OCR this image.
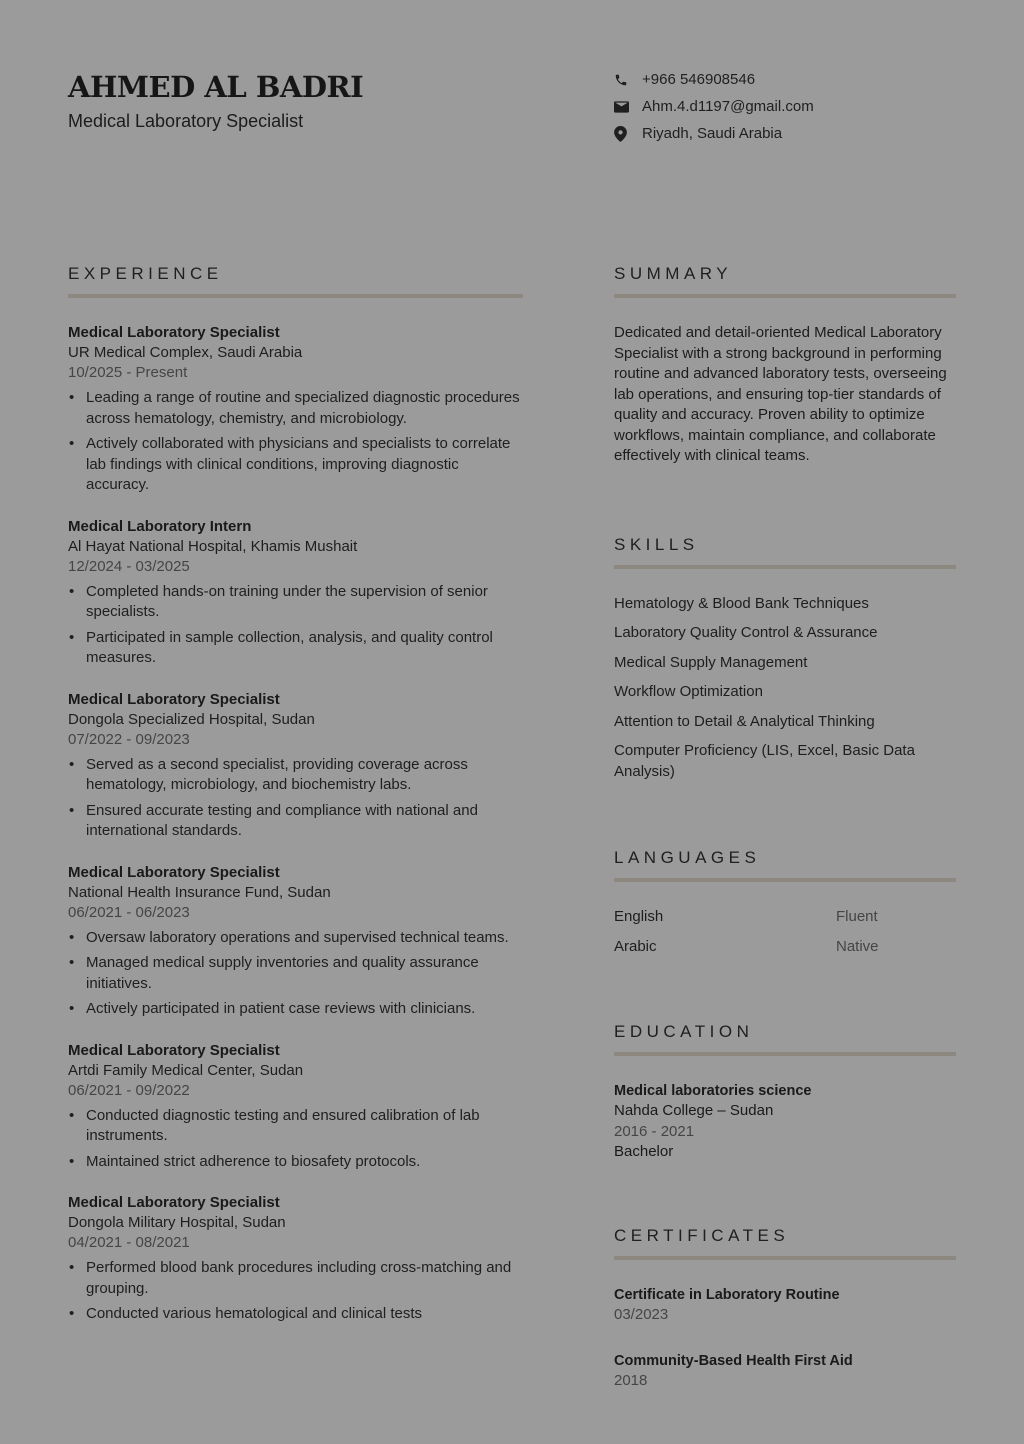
AHMED AL BADRI
Medical Laboratory Specialist
+966 546908546
Ahm.4.d1197@gmail.com
Riyadh, Saudi Arabia
EXPERIENCE
Medical Laboratory Specialist
UR Medical Complex, Saudi Arabia
10/2025 - Present
• Leading a range of routine and specialized diagnostic procedures across hematology, chemistry, and microbiology.
• Actively collaborated with physicians and specialists to correlate lab findings with clinical conditions, improving diagnostic accuracy.
Medical Laboratory Intern
Al Hayat National Hospital, Khamis Mushait
12/2024 - 03/2025
• Completed hands-on training under the supervision of senior specialists.
• Participated in sample collection, analysis, and quality control measures.
Medical Laboratory Specialist
Dongola Specialized Hospital, Sudan
07/2022 - 09/2023
• Served as a second specialist, providing coverage across hematology, microbiology, and biochemistry labs.
• Ensured accurate testing and compliance with national and international standards.
Medical Laboratory Specialist
National Health Insurance Fund, Sudan
06/2021 - 06/2023
• Oversaw laboratory operations and supervised technical teams.
• Managed medical supply inventories and quality assurance initiatives.
• Actively participated in patient case reviews with clinicians.
Medical Laboratory Specialist
Artdi Family Medical Center, Sudan
06/2021 - 09/2022
• Conducted diagnostic testing and ensured calibration of lab instruments.
• Maintained strict adherence to biosafety protocols.
Medical Laboratory Specialist
Dongola Military Hospital, Sudan
04/2021 - 08/2021
• Performed blood bank procedures including cross-matching and grouping.
• Conducted various hematological and clinical tests
SUMMARY

Dedicated and detail-oriented Medical Laboratory Specialist with a strong background in performing routine and advanced laboratory tests, overseeing lab operations, and ensuring top-tier standards of quality and accuracy. Proven ability to optimize workflows, maintain compliance, and collaborate effectively with clinical teams.

SKILLS
Hematology & Blood Bank Techniques
Laboratory Quality Control & Assurance
Medical Supply Management
Workflow Optimization
Attention to Detail & Analytical Thinking
Computer Proficiency (LIS, Excel, Basic Data Analysis)
LANGUAGES
English	Fluent
Arabic	Native
EDUCATION
Medical laboratories science
Nahda College – Sudan
2016 - 2021
Bachelor
CERTIFICATES
Certificate in Laboratory Routine
03/2023
Community-Based Health First Aid
2018
